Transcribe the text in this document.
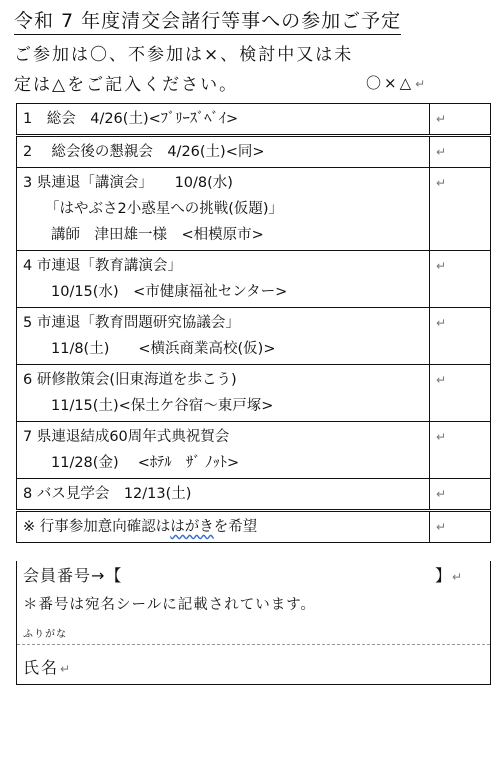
令和 7 年度清交会諸行等事への参加ご予定
ご参加は〇、不参加は×、検討中又は未
定は△をご記入ください。	〇×△↵
1　総会　4/26(土)<ﾌﾞﾘｰｽﾞﾍﾞｲ>	↵

2　 総会後の懇親会　4/26(土)<同>	↵

3 県連退「講演会」　　10/8(水)
「はやぶさ2小惑星への挑戦(仮題)」
講師　津田雄一様　<相模原市>	↵

4 市連退「教育講演会」
10/15(水)　<市健康福祉センター>	↵

5 市連退「教育問題研究協議会」
11/8(土)　　<横浜商業高校(仮)>	↵

6 研修散策会(旧東海道を歩こう)
11/15(土)<保土ケ谷宿～東戸塚>	↵

7 県連退結成60周年式典祝賀会
11/28(金)　 <ﾎﾃﾙ　ｻﾞ ﾉｯﾄ>	↵

8 バス見学会　12/13(土)	↵

※ 行事参加意向確認ははがきを希望	↵
会員番号→【	】↵
＊番号は宛名シールに記載されています。
ふりがな
氏名↵
